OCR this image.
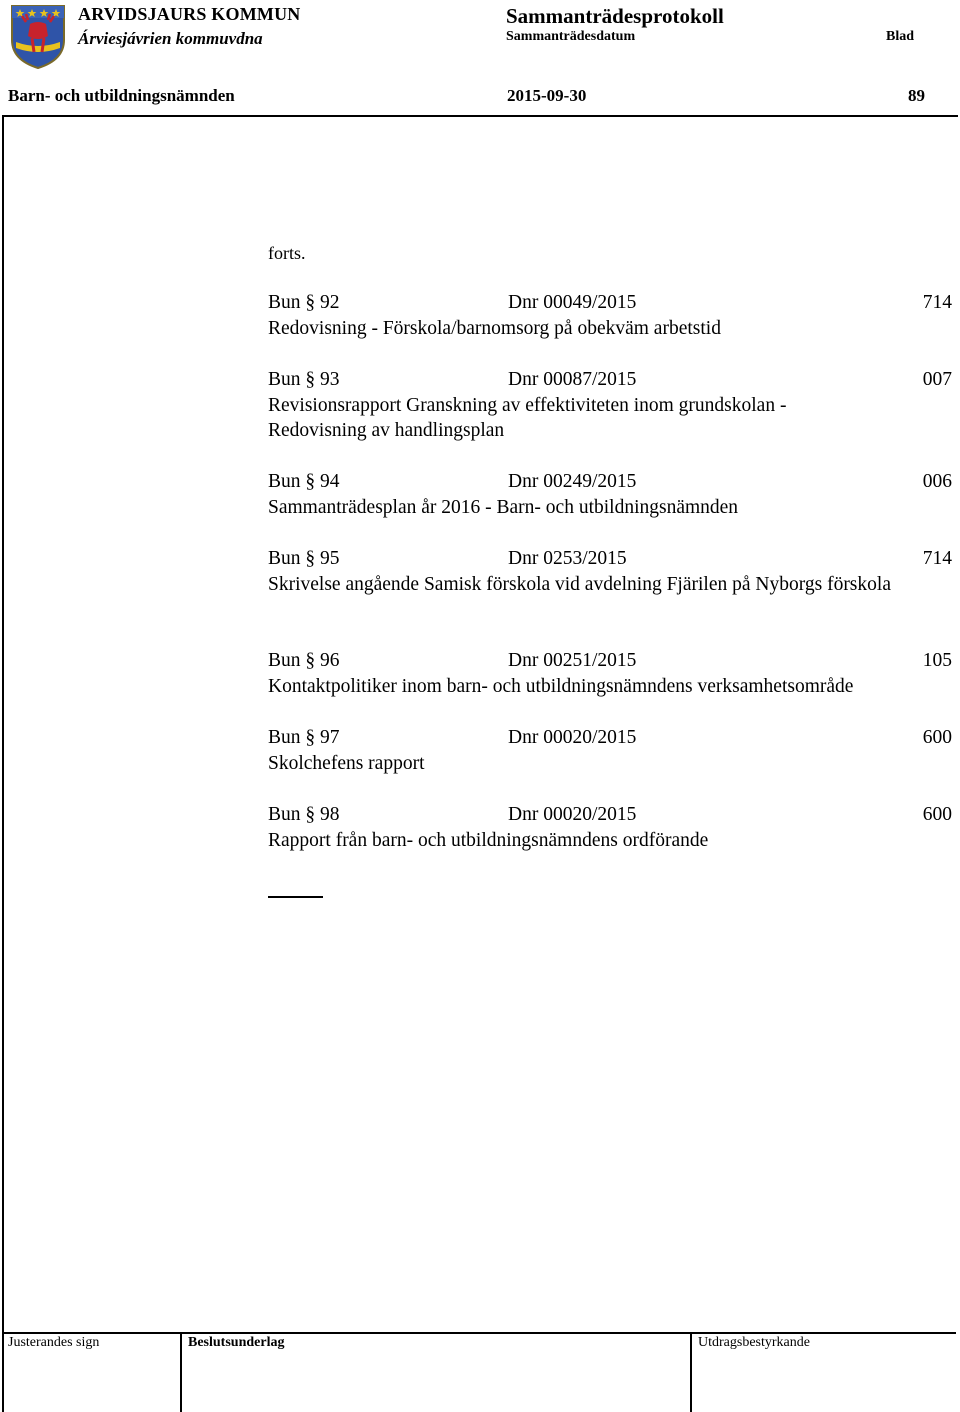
ARVIDSJAURS KOMMUN
Árviesjávrien kommuvdna
Sammanträdesprotokoll
Sammanträdesdatum	Blad
Barn- och utbildningsnämnden	2015-09-30	89
forts.
Bun § 92	Dnr 00049/2015	714
Redovisning - Förskola/barnomsorg på obekväm arbetstid
Bun § 93	Dnr 00087/2015	007
Revisionsrapport Granskning av effektiviteten inom grundskolan - Redovisning av handlingsplan
Bun § 94	Dnr 00249/2015	006
Sammanträdesplan år 2016 - Barn- och utbildningsnämnden
Bun § 95	Dnr 0253/2015	714
Skrivelse angående Samisk förskola vid avdelning Fjärilen på Nyborgs förskola
Bun § 96	Dnr 00251/2015	105
Kontaktpolitiker inom barn- och utbildningsnämndens verksamhetsområde
Bun § 97	Dnr 00020/2015	600
Skolchefens rapport
Bun § 98	Dnr 00020/2015	600
Rapport från barn- och utbildningsnämndens ordförande
Justerandes sign	Beslutsunderlag	Utdragsbestyrkande
